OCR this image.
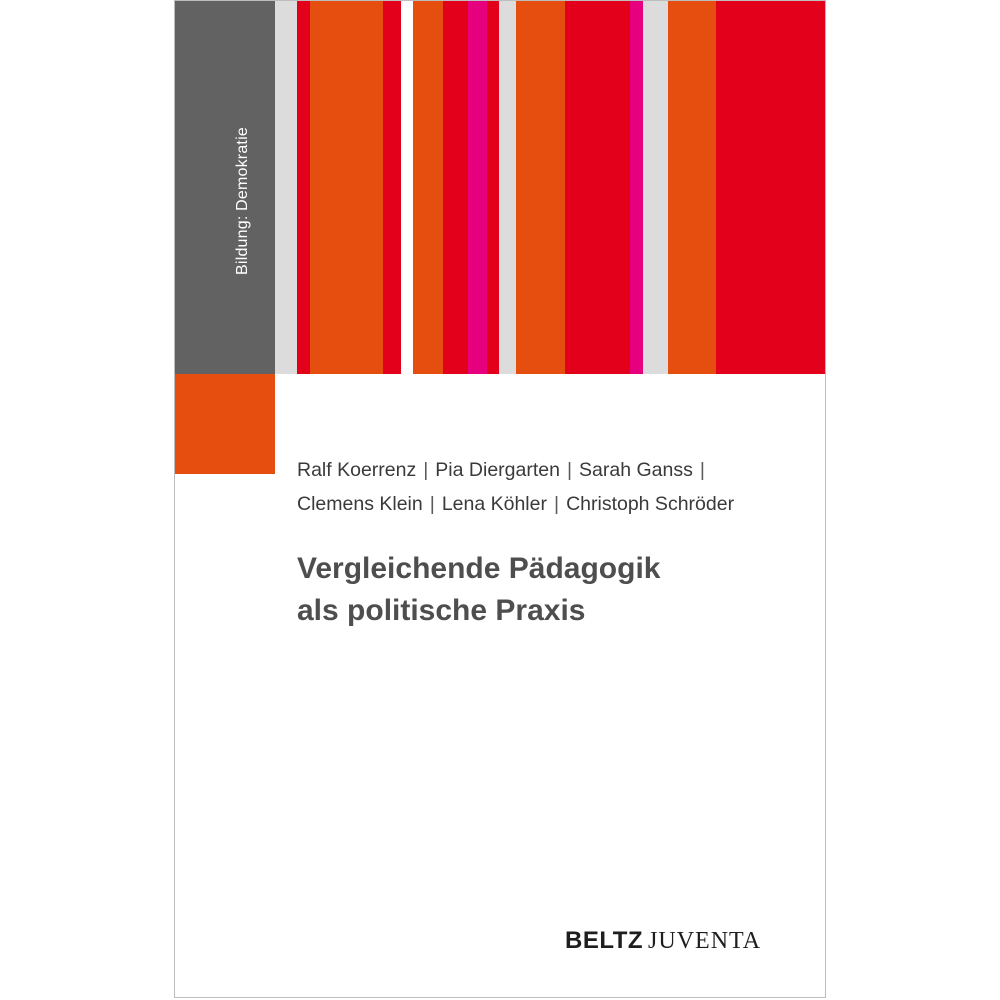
Bildung: Demokratie
Ralf Koerrenz | Pia Diergarten | Sarah Ganss |
Clemens Klein | Lena Köhler | Christoph Schröder
Vergleichende Pädagogik
als politische Praxis
BELTZ JUVENTA
